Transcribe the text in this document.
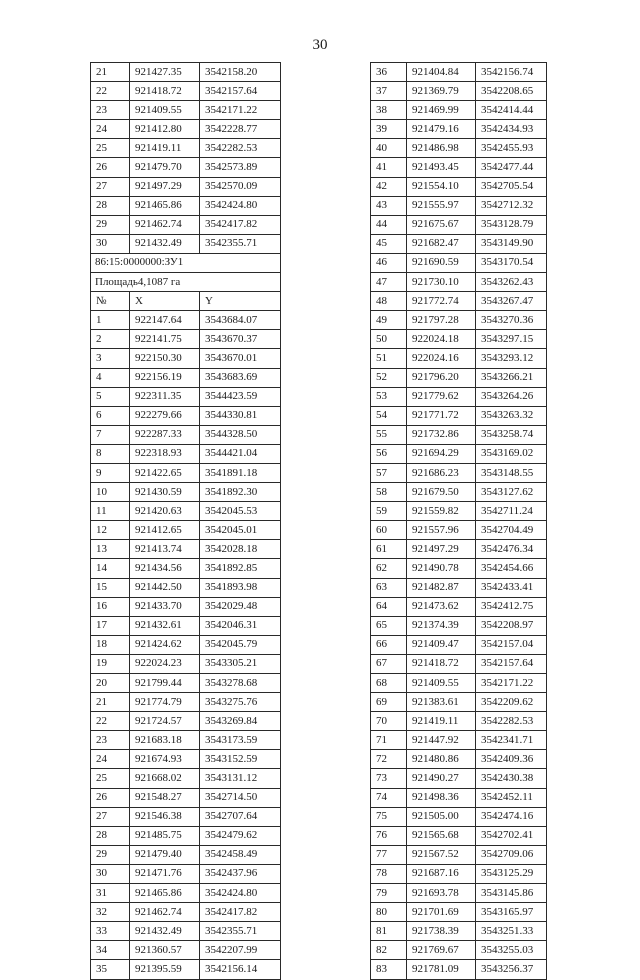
30
21	921427.35	3542158.20
22	921418.72	3542157.64
23	921409.55	3542171.22
24	921412.80	3542228.77
25	921419.11	3542282.53
26	921479.70	3542573.89
27	921497.29	3542570.09
28	921465.86	3542424.80
29	921462.74	3542417.82
30	921432.49	3542355.71
86:15:0000000:ЗУ1		
Площадь4,1087 га		
№	X	Y
1	922147.64	3543684.07
2	922141.75	3543670.37
3	922150.30	3543670.01
4	922156.19	3543683.69
5	922311.35	3544423.59
6	922279.66	3544330.81
7	922287.33	3544328.50
8	922318.93	3544421.04
9	921422.65	3541891.18
10	921430.59	3541892.30
11	921420.63	3542045.53
12	921412.65	3542045.01
13	921413.74	3542028.18
14	921434.56	3541892.85
15	921442.50	3541893.98
16	921433.70	3542029.48
17	921432.61	3542046.31
18	921424.62	3542045.79
19	922024.23	3543305.21
20	921799.44	3543278.68
21	921774.79	3543275.76
22	921724.57	3543269.84
23	921683.18	3543173.59
24	921674.93	3543152.59
25	921668.02	3543131.12
26	921548.27	3542714.50
27	921546.38	3542707.64
28	921485.75	3542479.62
29	921479.40	3542458.49
30	921471.76	3542437.96
31	921465.86	3542424.80
32	921462.74	3542417.82
33	921432.49	3542355.71
34	921360.57	3542207.99
35	921395.59	3542156.14
36	921404.84	3542156.74
37	921369.79	3542208.65
38	921469.99	3542414.44
39	921479.16	3542434.93
40	921486.98	3542455.93
41	921493.45	3542477.44
42	921554.10	3542705.54
43	921555.97	3542712.32
44	921675.67	3543128.79
45	921682.47	3543149.90
46	921690.59	3543170.54
47	921730.10	3543262.43
48	921772.74	3543267.47
49	921797.28	3543270.36
50	922024.18	3543297.15
51	922024.16	3543293.12
52	921796.20	3543266.21
53	921779.62	3543264.26
54	921771.72	3543263.32
55	921732.86	3543258.74
56	921694.29	3543169.02
57	921686.23	3543148.55
58	921679.50	3543127.62
59	921559.82	3542711.24
60	921557.96	3542704.49
61	921497.29	3542476.34
62	921490.78	3542454.66
63	921482.87	3542433.41
64	921473.62	3542412.75
65	921374.39	3542208.97
66	921409.47	3542157.04
67	921418.72	3542157.64
68	921409.55	3542171.22
69	921383.61	3542209.62
70	921419.11	3542282.53
71	921447.92	3542341.71
72	921480.86	3542409.36
73	921490.27	3542430.38
74	921498.36	3542452.11
75	921505.00	3542474.16
76	921565.68	3542702.41
77	921567.52	3542709.06
78	921687.16	3543125.29
79	921693.78	3543145.86
80	921701.69	3543165.97
81	921738.39	3543251.33
82	921769.67	3543255.03
83	921781.09	3543256.37
